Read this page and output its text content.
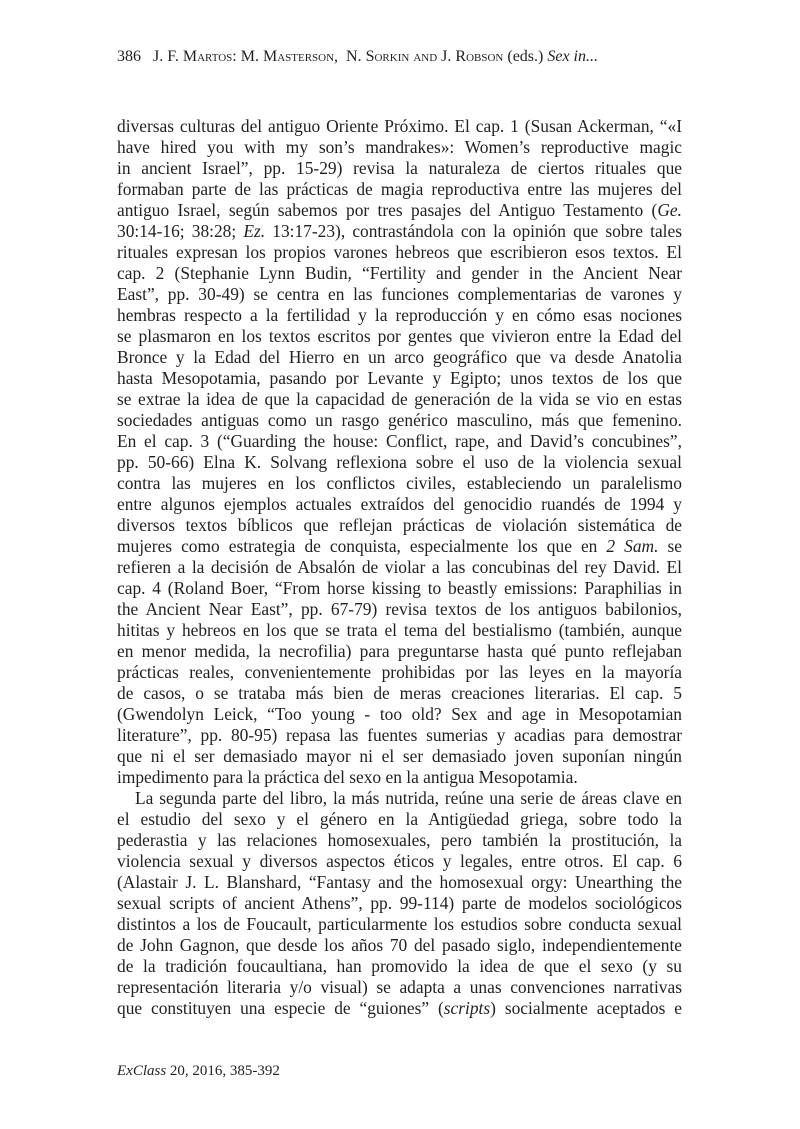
386 J. F. Martos: M. Masterson,  N. Sorkin and J. Robson (eds.) Sex in...
diversas culturas del antiguo Oriente Próximo. El cap. 1 (Susan Ackerman, “«I
have hired you with my son’s mandrakes»: Women’s reproductive magic
in ancient Israel”, pp. 15-29) revisa la naturaleza de ciertos rituales que
formaban parte de las prácticas de magia reproductiva entre las mujeres del
antiguo Israel, según sabemos por tres pasajes del Antiguo Testamento (Ge.
30:14-16; 38:28; Ez. 13:17-23), contrastándola con la opinión que sobre tales
rituales expresan los propios varones hebreos que escribieron esos textos. El
cap. 2 (Stephanie Lynn Budin, “Fertility and gender in the Ancient Near
East”, pp. 30-49) se centra en las funciones complementarias de varones y
hembras respecto a la fertilidad y la reproducción y en cómo esas nociones
se plasmaron en los textos escritos por gentes que vivieron entre la Edad del
Bronce y la Edad del Hierro en un arco geográfico que va desde Anatolia
hasta Mesopotamia, pasando por Levante y Egipto; unos textos de los que
se extrae la idea de que la capacidad de generación de la vida se vio en estas
sociedades antiguas como un rasgo genérico masculino, más que femenino.
En el cap. 3 (“Guarding the house: Conflict, rape, and David’s concubines”,
pp. 50-66) Elna K. Solvang reflexiona sobre el uso de la violencia sexual
contra las mujeres en los conflictos civiles, estableciendo un paralelismo
entre algunos ejemplos actuales extraídos del genocidio ruandés de 1994 y
diversos textos bíblicos que reflejan prácticas de violación sistemática de
mujeres como estrategia de conquista, especialmente los que en 2 Sam. se
refieren a la decisión de Absalón de violar a las concubinas del rey David. El
cap. 4 (Roland Boer, “From horse kissing to beastly emissions: Paraphilias in
the Ancient Near East”, pp. 67-79) revisa textos de los antiguos babilonios,
hititas y hebreos en los que se trata el tema del bestialismo (también, aunque
en menor medida, la necrofilia) para preguntarse hasta qué punto reflejaban
prácticas reales, convenientemente prohibidas por las leyes en la mayoría
de casos, o se trataba más bien de meras creaciones literarias. El cap. 5
(Gwendolyn Leick, “Too young - too old? Sex and age in Mesopotamian
literature”, pp. 80-95) repasa las fuentes sumerias y acadias para demostrar
que ni el ser demasiado mayor ni el ser demasiado joven suponían ningún
impedimento para la práctica del sexo en la antigua Mesopotamia.
La segunda parte del libro, la más nutrida, reúne una serie de áreas clave en
el estudio del sexo y el género en la Antigüedad griega, sobre todo la
pederastia y las relaciones homosexuales, pero también la prostitución, la
violencia sexual y diversos aspectos éticos y legales, entre otros. El cap. 6
(Alastair J. L. Blanshard, “Fantasy and the homosexual orgy: Unearthing the
sexual scripts of ancient Athens”, pp. 99-114) parte de modelos sociológicos
distintos a los de Foucault, particularmente los estudios sobre conducta sexual
de John Gagnon, que desde los años 70 del pasado siglo, independientemente
de la tradición foucaultiana, han promovido la idea de que el sexo (y su
representación literaria y/o visual) se adapta a unas convenciones narrativas
que constituyen una especie de “guiones” (scripts) socialmente aceptados e
ExClass 20, 2016, 385-392
